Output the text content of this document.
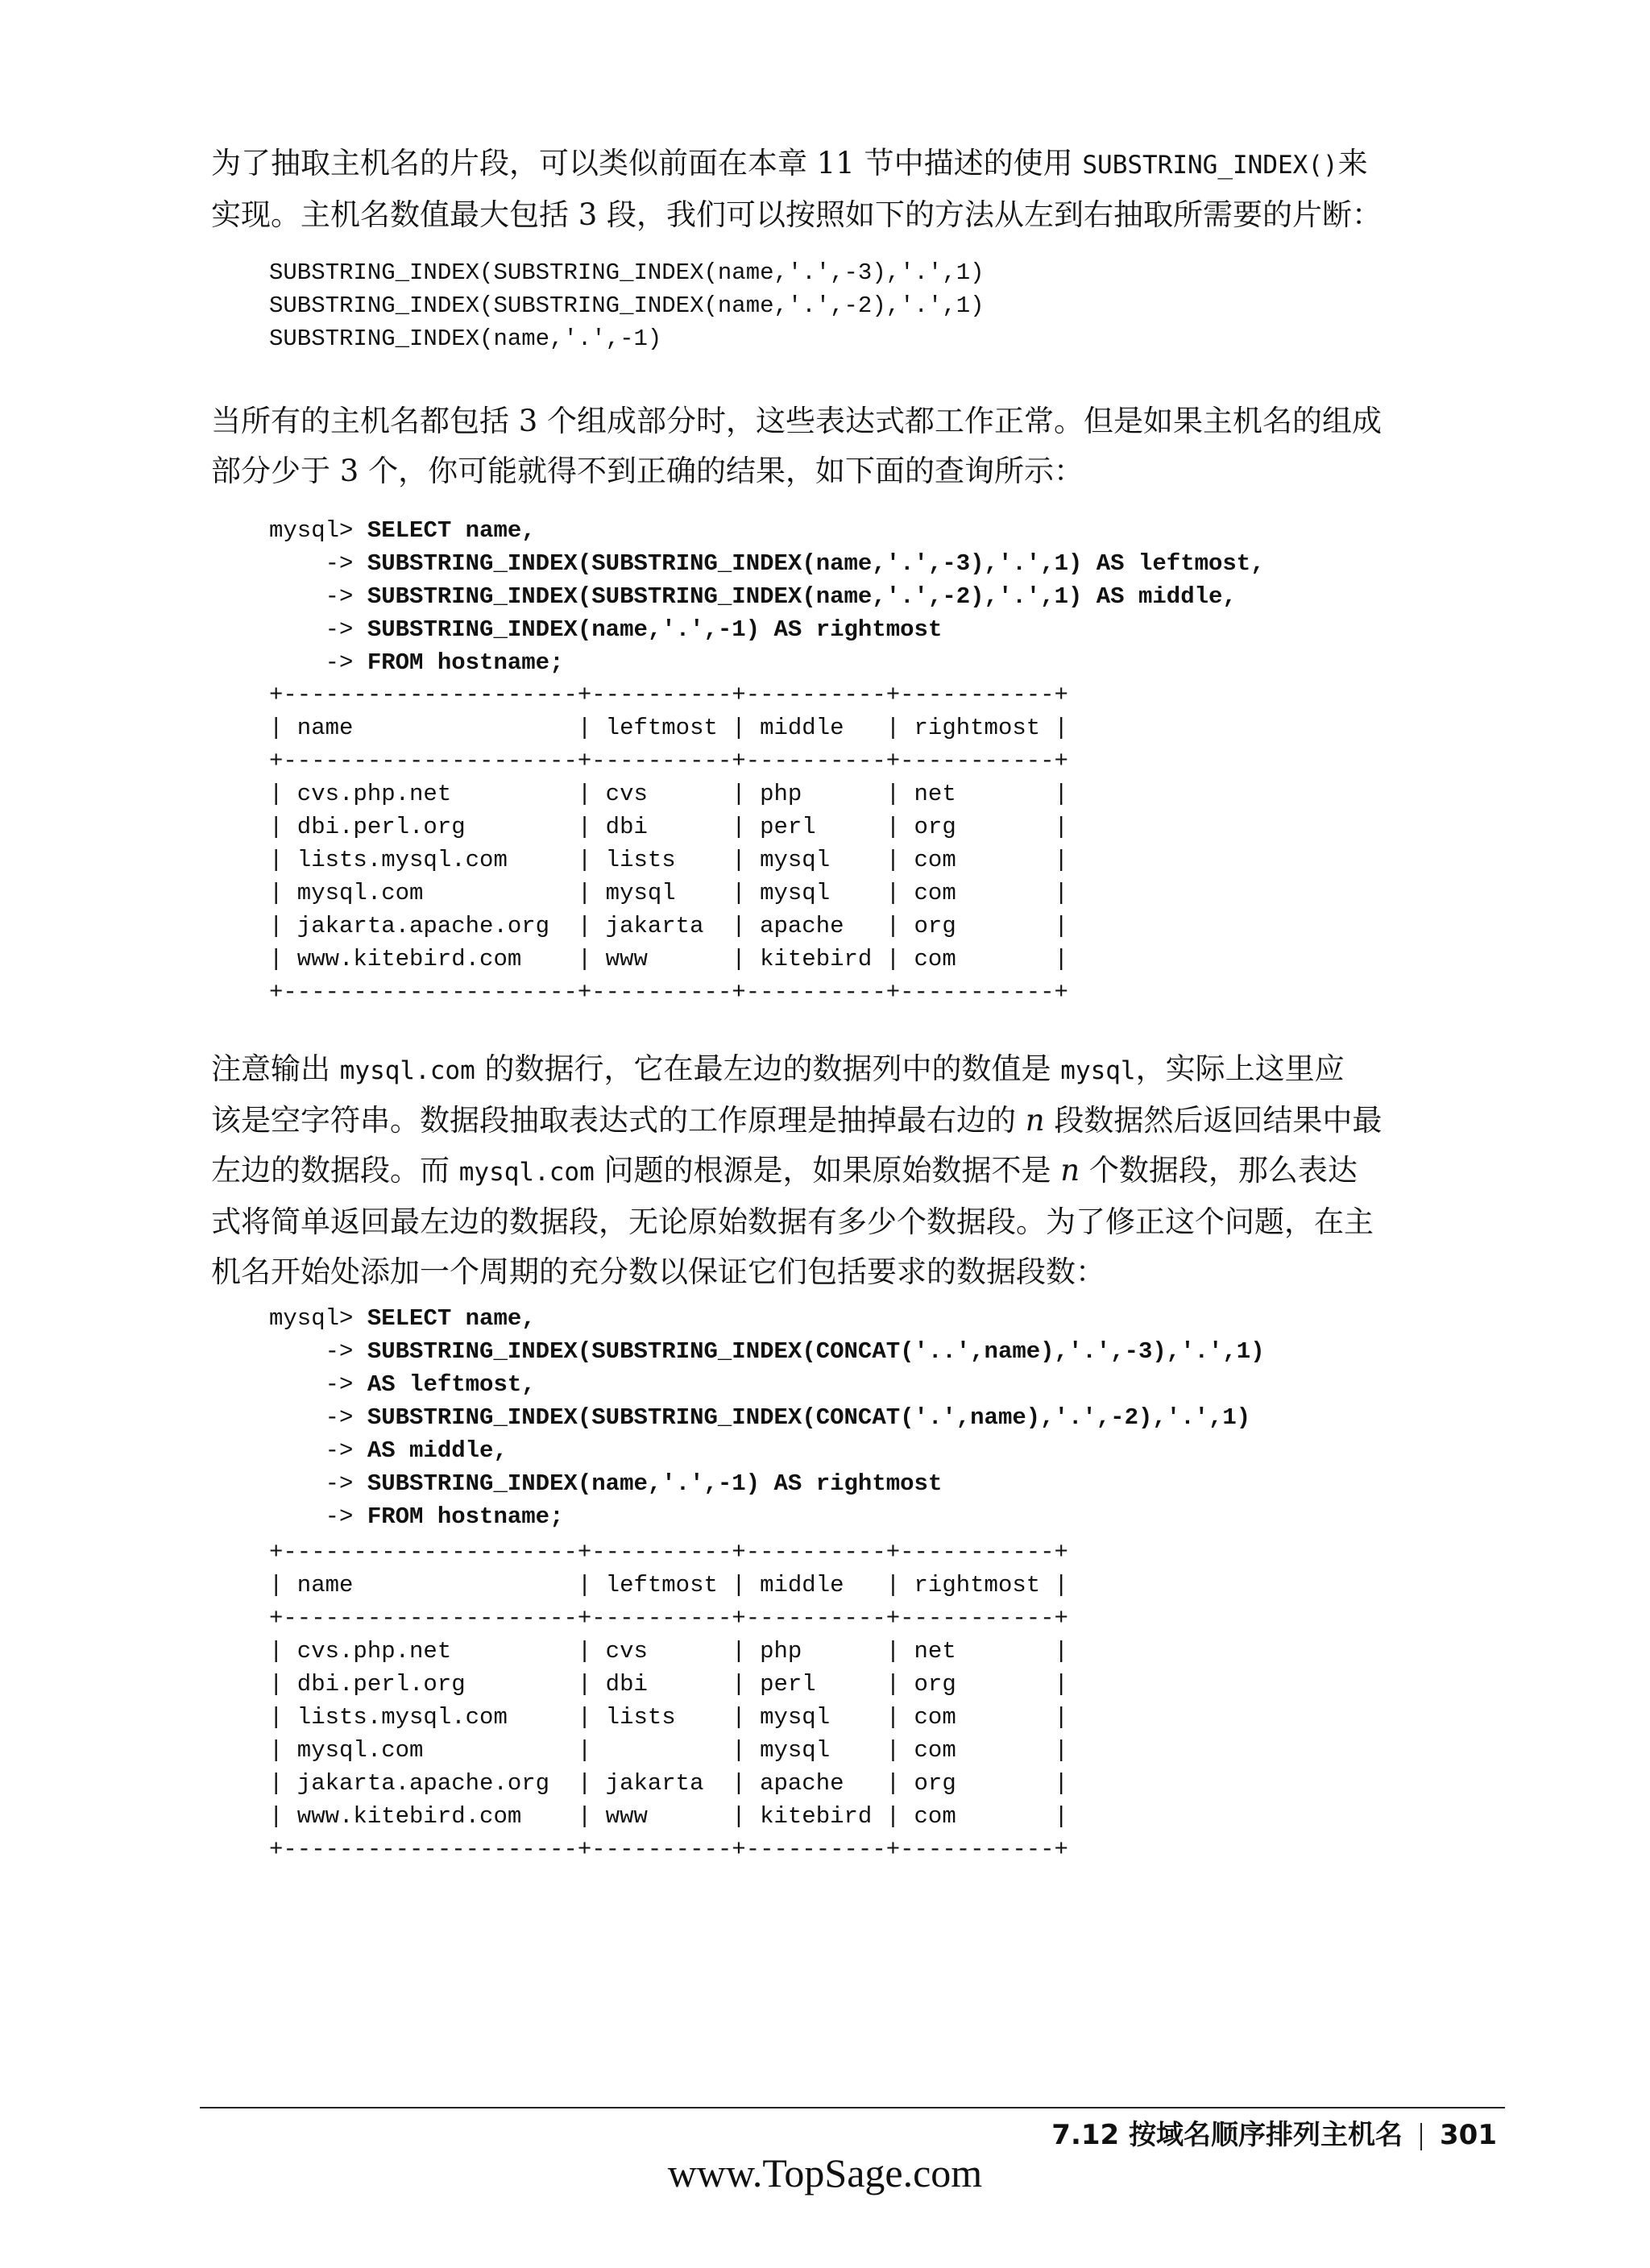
为了抽取主机名的片段，可以类似前面在本章 11 节中描述的使用 SUBSTRING_INDEX()来
实现。主机名数值最大包括 3 段，我们可以按照如下的方法从左到右抽取所需要的片断：

SUBSTRING_INDEX(SUBSTRING_INDEX(name,'.',-3),'.',1)
SUBSTRING_INDEX(SUBSTRING_INDEX(name,'.',-2),'.',1)
SUBSTRING_INDEX(name,'.',-1)

当所有的主机名都包括 3 个组成部分时，这些表达式都工作正常。但是如果主机名的组成
部分少于 3 个，你可能就得不到正确的结果，如下面的查询所示：

mysql> SELECT name,
-> SUBSTRING_INDEX(SUBSTRING_INDEX(name,'.',-3),'.',1) AS leftmost,
-> SUBSTRING_INDEX(SUBSTRING_INDEX(name,'.',-2),'.',1) AS middle,
-> SUBSTRING_INDEX(name,'.',-1) AS rightmost
-> FROM hostname;
+---------------------+----------+----------+-----------+
| name                | leftmost | middle   | rightmost |
+---------------------+----------+----------+-----------+
| cvs.php.net         | cvs      | php      | net       |
| dbi.perl.org        | dbi      | perl     | org       |
| lists.mysql.com     | lists    | mysql    | com       |
| mysql.com           | mysql    | mysql    | com       |
| jakarta.apache.org  | jakarta  | apache   | org       |
| www.kitebird.com    | www      | kitebird | com       |
+---------------------+----------+----------+-----------+

注意输出 mysql.com 的数据行，它在最左边的数据列中的数值是 mysql，实际上这里应
该是空字符串。数据段抽取表达式的工作原理是抽掉最右边的 n 段数据然后返回结果中最
左边的数据段。而 mysql.com 问题的根源是，如果原始数据不是 n 个数据段，那么表达
式将简单返回最左边的数据段，无论原始数据有多少个数据段。为了修正这个问题，在主
机名开始处添加一个周期的充分数以保证它们包括要求的数据段数：

mysql> SELECT name,
-> SUBSTRING_INDEX(SUBSTRING_INDEX(CONCAT('..',name),'.',-3),'.',1)
-> AS leftmost,
-> SUBSTRING_INDEX(SUBSTRING_INDEX(CONCAT('.',name),'.',-2),'.',1)
-> AS middle,
-> SUBSTRING_INDEX(name,'.',-1) AS rightmost
-> FROM hostname;
+---------------------+----------+----------+-----------+
| name                | leftmost | middle   | rightmost |
+---------------------+----------+----------+-----------+
| cvs.php.net         | cvs      | php      | net       |
| dbi.perl.org        | dbi      | perl     | org       |
| lists.mysql.com     | lists    | mysql    | com       |
| mysql.com           |          | mysql    | com       |
| jakarta.apache.org  | jakarta  | apache   | org       |
| www.kitebird.com    | www      | kitebird | com       |
+---------------------+----------+----------+-----------+
7.12 按域名顺序排列主机名 301
www.TopSage.com
